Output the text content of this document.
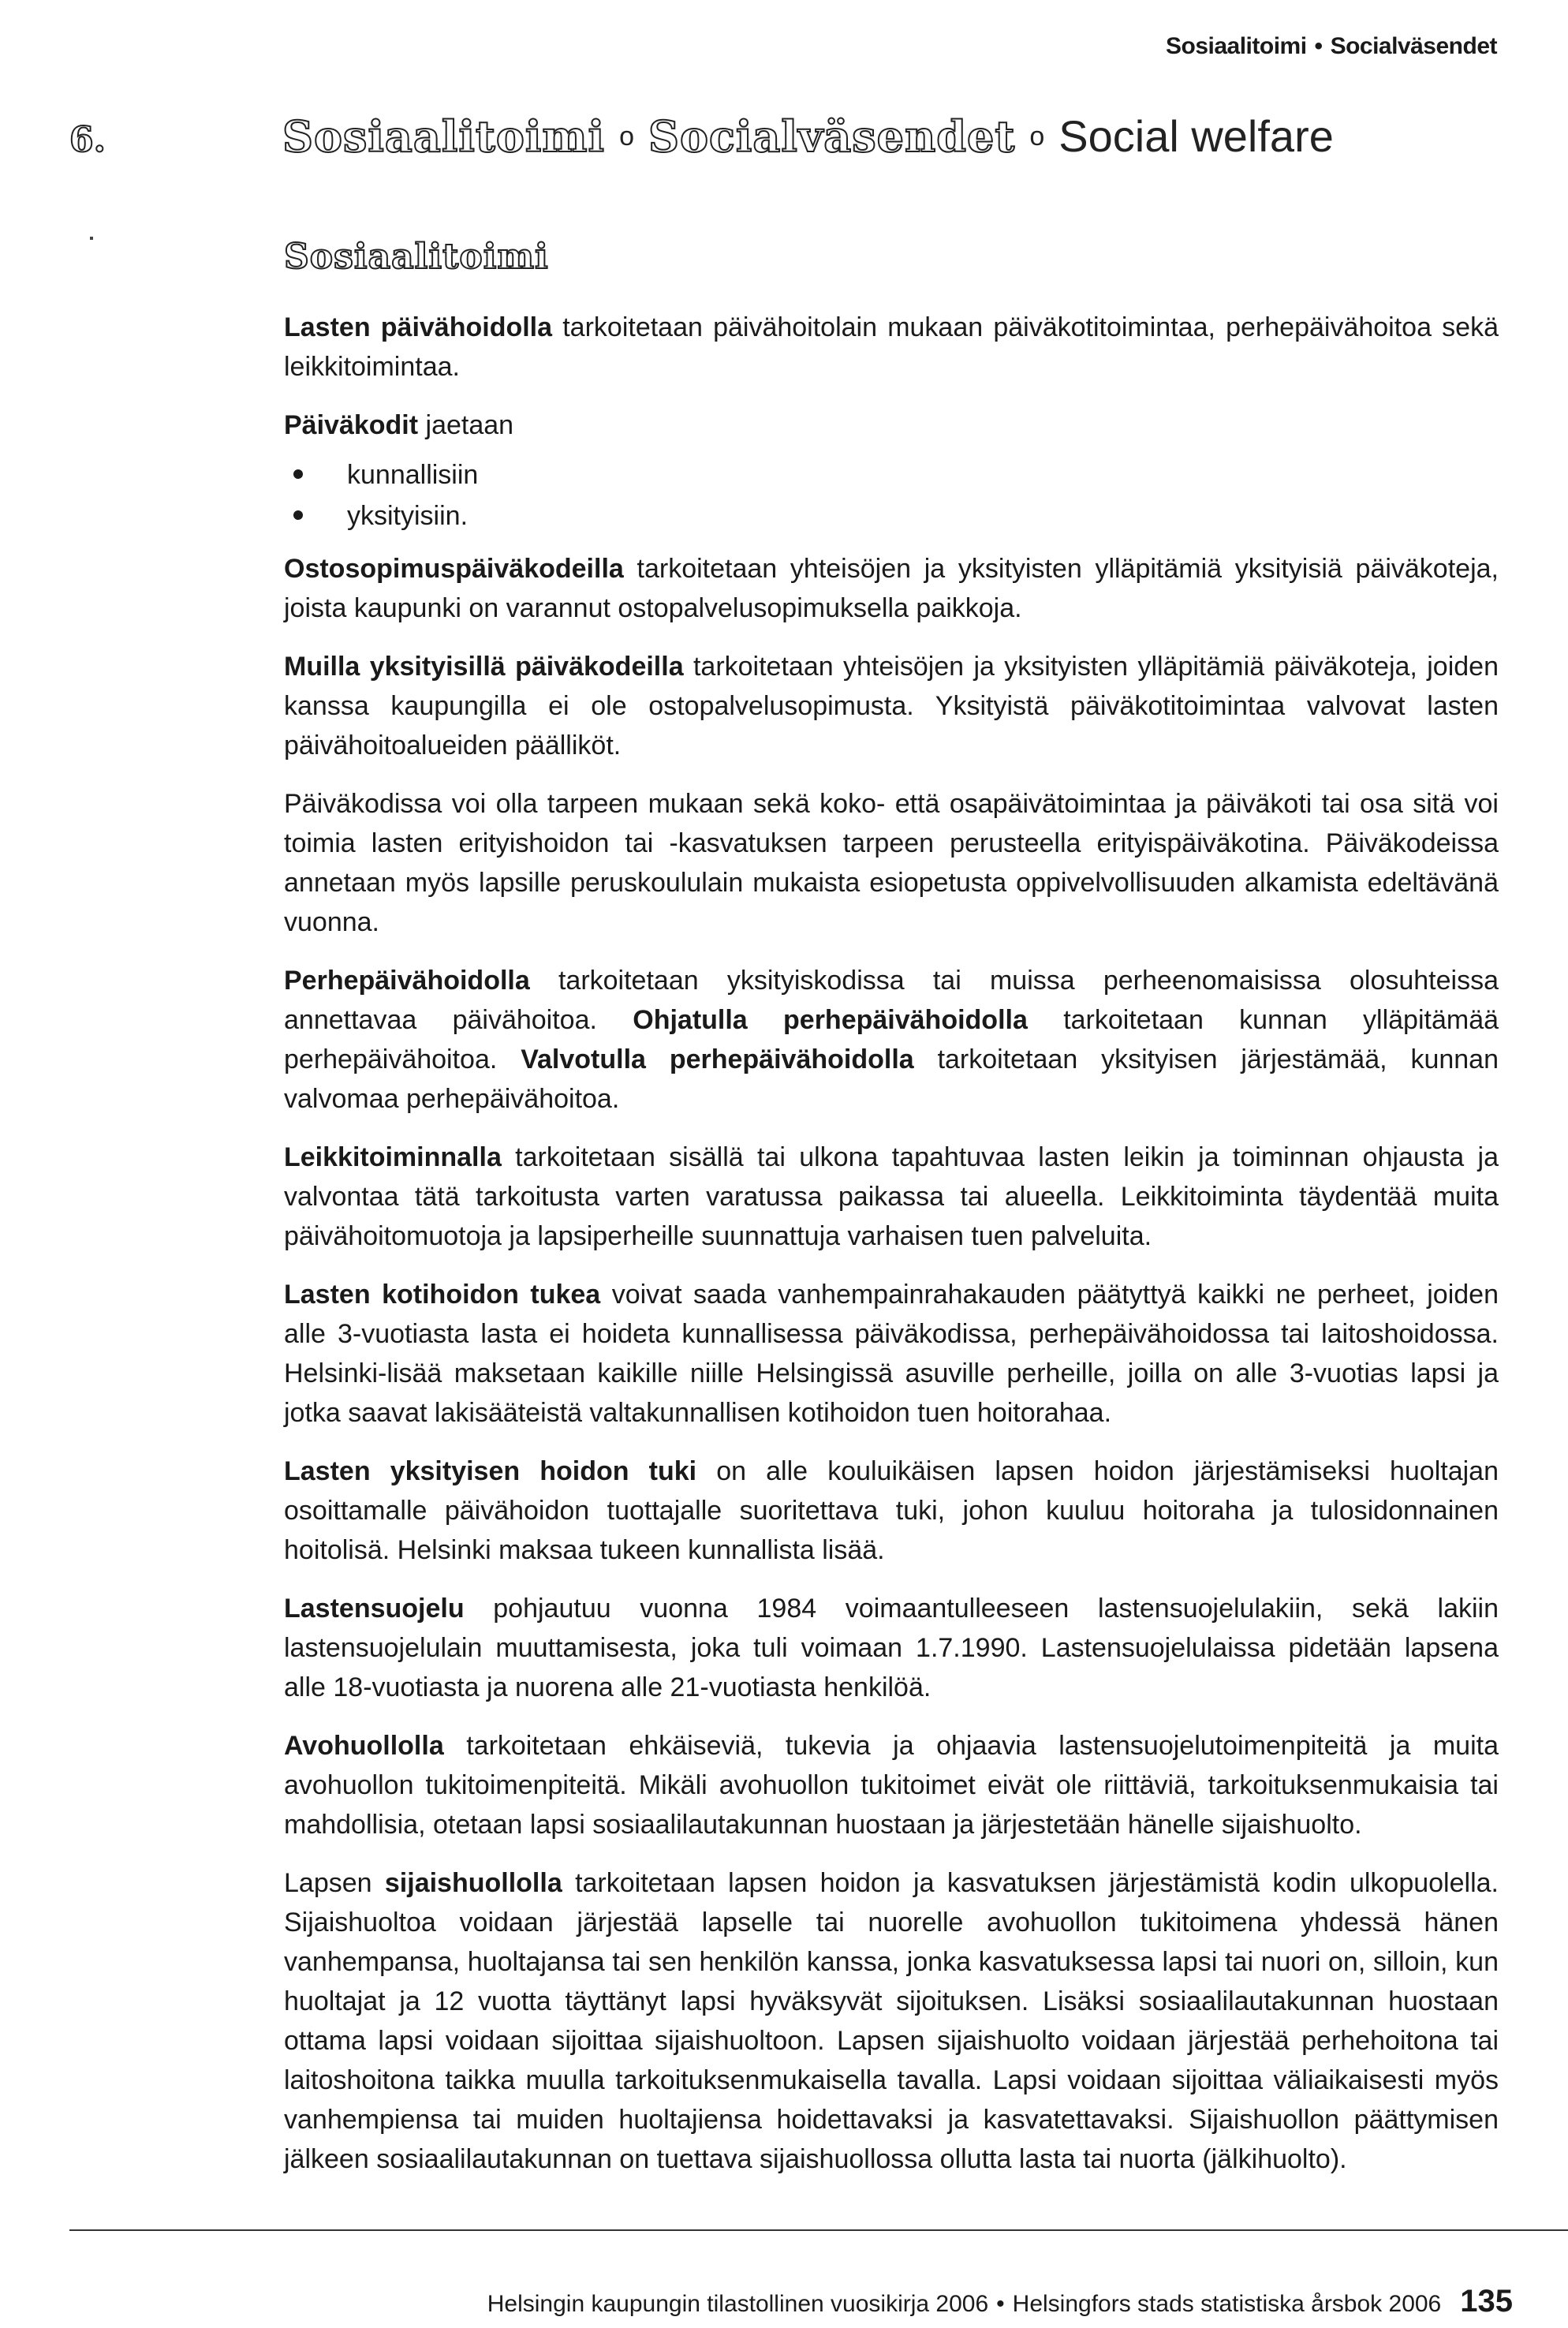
Sosiaalitoimi • Socialväsendet
6.	Sosiaalitoimi o Socialväsendet o Social welfare
Sosiaalitoimi

Lasten päivähoidolla tarkoitetaan päivähoitolain mukaan päiväkotitoimintaa, perhepäivähoitoa sekä leikkitoimintaa.

Päiväkodit jaetaan

kunnallisiin
yksityisiin.

Ostosopimuspäiväkodeilla tarkoitetaan yhteisöjen ja yksityisten ylläpitämiä yksityisiä päiväkoteja, joista kaupunki on varannut ostopalvelusopimuksella paikkoja.

Muilla yksityisillä päiväkodeilla tarkoitetaan yhteisöjen ja yksityisten ylläpitämiä päiväkoteja, joiden kanssa kaupungilla ei ole ostopalvelusopimusta. Yksityistä päiväkotitoimintaa valvovat lasten päivähoitoalueiden päälliköt.

Päiväkodissa voi olla tarpeen mukaan sekä koko- että osapäivätoimintaa ja päiväkoti tai osa sitä voi toimia lasten erityishoidon tai -kasvatuksen tarpeen perusteella erityispäiväkotina. Päiväkodeissa annetaan myös lapsille peruskoululain mukaista esiopetusta oppivelvollisuuden alkamista edeltävänä vuonna.

Perhepäivähoidolla tarkoitetaan yksityiskodissa tai muissa perheenomaisissa olosuhteissa annettavaa päivähoitoa. Ohjatulla perhepäivähoidolla tarkoitetaan kunnan ylläpitämää perhepäivähoitoa. Valvotulla perhepäivähoidolla tarkoitetaan yksityisen järjestämää, kunnan valvomaa perhepäivähoitoa.

Leikkitoiminnalla tarkoitetaan sisällä tai ulkona tapahtuvaa lasten leikin ja toiminnan ohjausta ja valvontaa tätä tarkoitusta varten varatussa paikassa tai alueella. Leikkitoiminta täydentää muita päivähoitomuotoja ja lapsiperheille suunnattuja varhaisen tuen palveluita.

Lasten kotihoidon tukea voivat saada vanhempainrahakauden päätyttyä kaikki ne perheet, joiden alle 3-vuotiasta lasta ei hoideta kunnallisessa päiväkodissa, perhepäivähoidossa tai laitoshoidossa. Helsinki-lisää maksetaan kaikille niille Helsingissä asuville perheille, joilla on alle 3-vuotias lapsi ja jotka saavat lakisääteistä valtakunnallisen kotihoidon tuen hoitorahaa.

Lasten yksityisen hoidon tuki on alle kouluikäisen lapsen hoidon järjestämiseksi huoltajan osoittamalle päivähoidon tuottajalle suoritettava tuki, johon kuuluu hoitoraha ja tulosidonnainen hoitolisä. Helsinki maksaa tukeen kunnallista lisää.

Lastensuojelu pohjautuu vuonna 1984 voimaantulleeseen lastensuojelulakiin, sekä lakiin lastensuojelulain muuttamisesta, joka tuli voimaan 1.7.1990. Lastensuojelulaissa pidetään lapsena alle 18-vuotiasta ja nuorena alle 21-vuotiasta henkilöä.

Avohuollolla tarkoitetaan ehkäiseviä, tukevia ja ohjaavia lastensuojelutoimenpiteitä ja muita avohuollon tukitoimenpiteitä. Mikäli avohuollon tukitoimet eivät ole riittäviä, tarkoituksenmukaisia tai mahdollisia, otetaan lapsi sosiaalilautakunnan huostaan ja järjestetään hänelle sijaishuolto.

Lapsen sijaishuollolla tarkoitetaan lapsen hoidon ja kasvatuksen järjestämistä kodin ulkopuolella. Sijaishuoltoa voidaan järjestää lapselle tai nuorelle avohuollon tukitoimena yhdessä hänen vanhempansa, huoltajansa tai sen henkilön kanssa, jonka kasvatuksessa lapsi tai nuori on, silloin, kun huoltajat ja 12 vuotta täyttänyt lapsi hyväksyvät sijoituksen. Lisäksi sosiaalilautakunnan huostaan ottama lapsi voidaan sijoittaa sijaishuoltoon. Lapsen sijaishuolto voidaan järjestää perhehoitona tai laitoshoitona taikka muulla tarkoituksenmukaisella tavalla. Lapsi voidaan sijoittaa väliaikaisesti myös vanhempiensa tai muiden huoltajiensa hoidettavaksi ja kasvatettavaksi. Sijaishuollon päättymisen jälkeen sosiaalilautakunnan on tuettava sijaishuollossa ollutta lasta tai nuorta (jälkihuolto).

Helsingin kaupungin tilastollinen vuosikirja 2006 • Helsingfors stads statistiska årsbok 2006 135
